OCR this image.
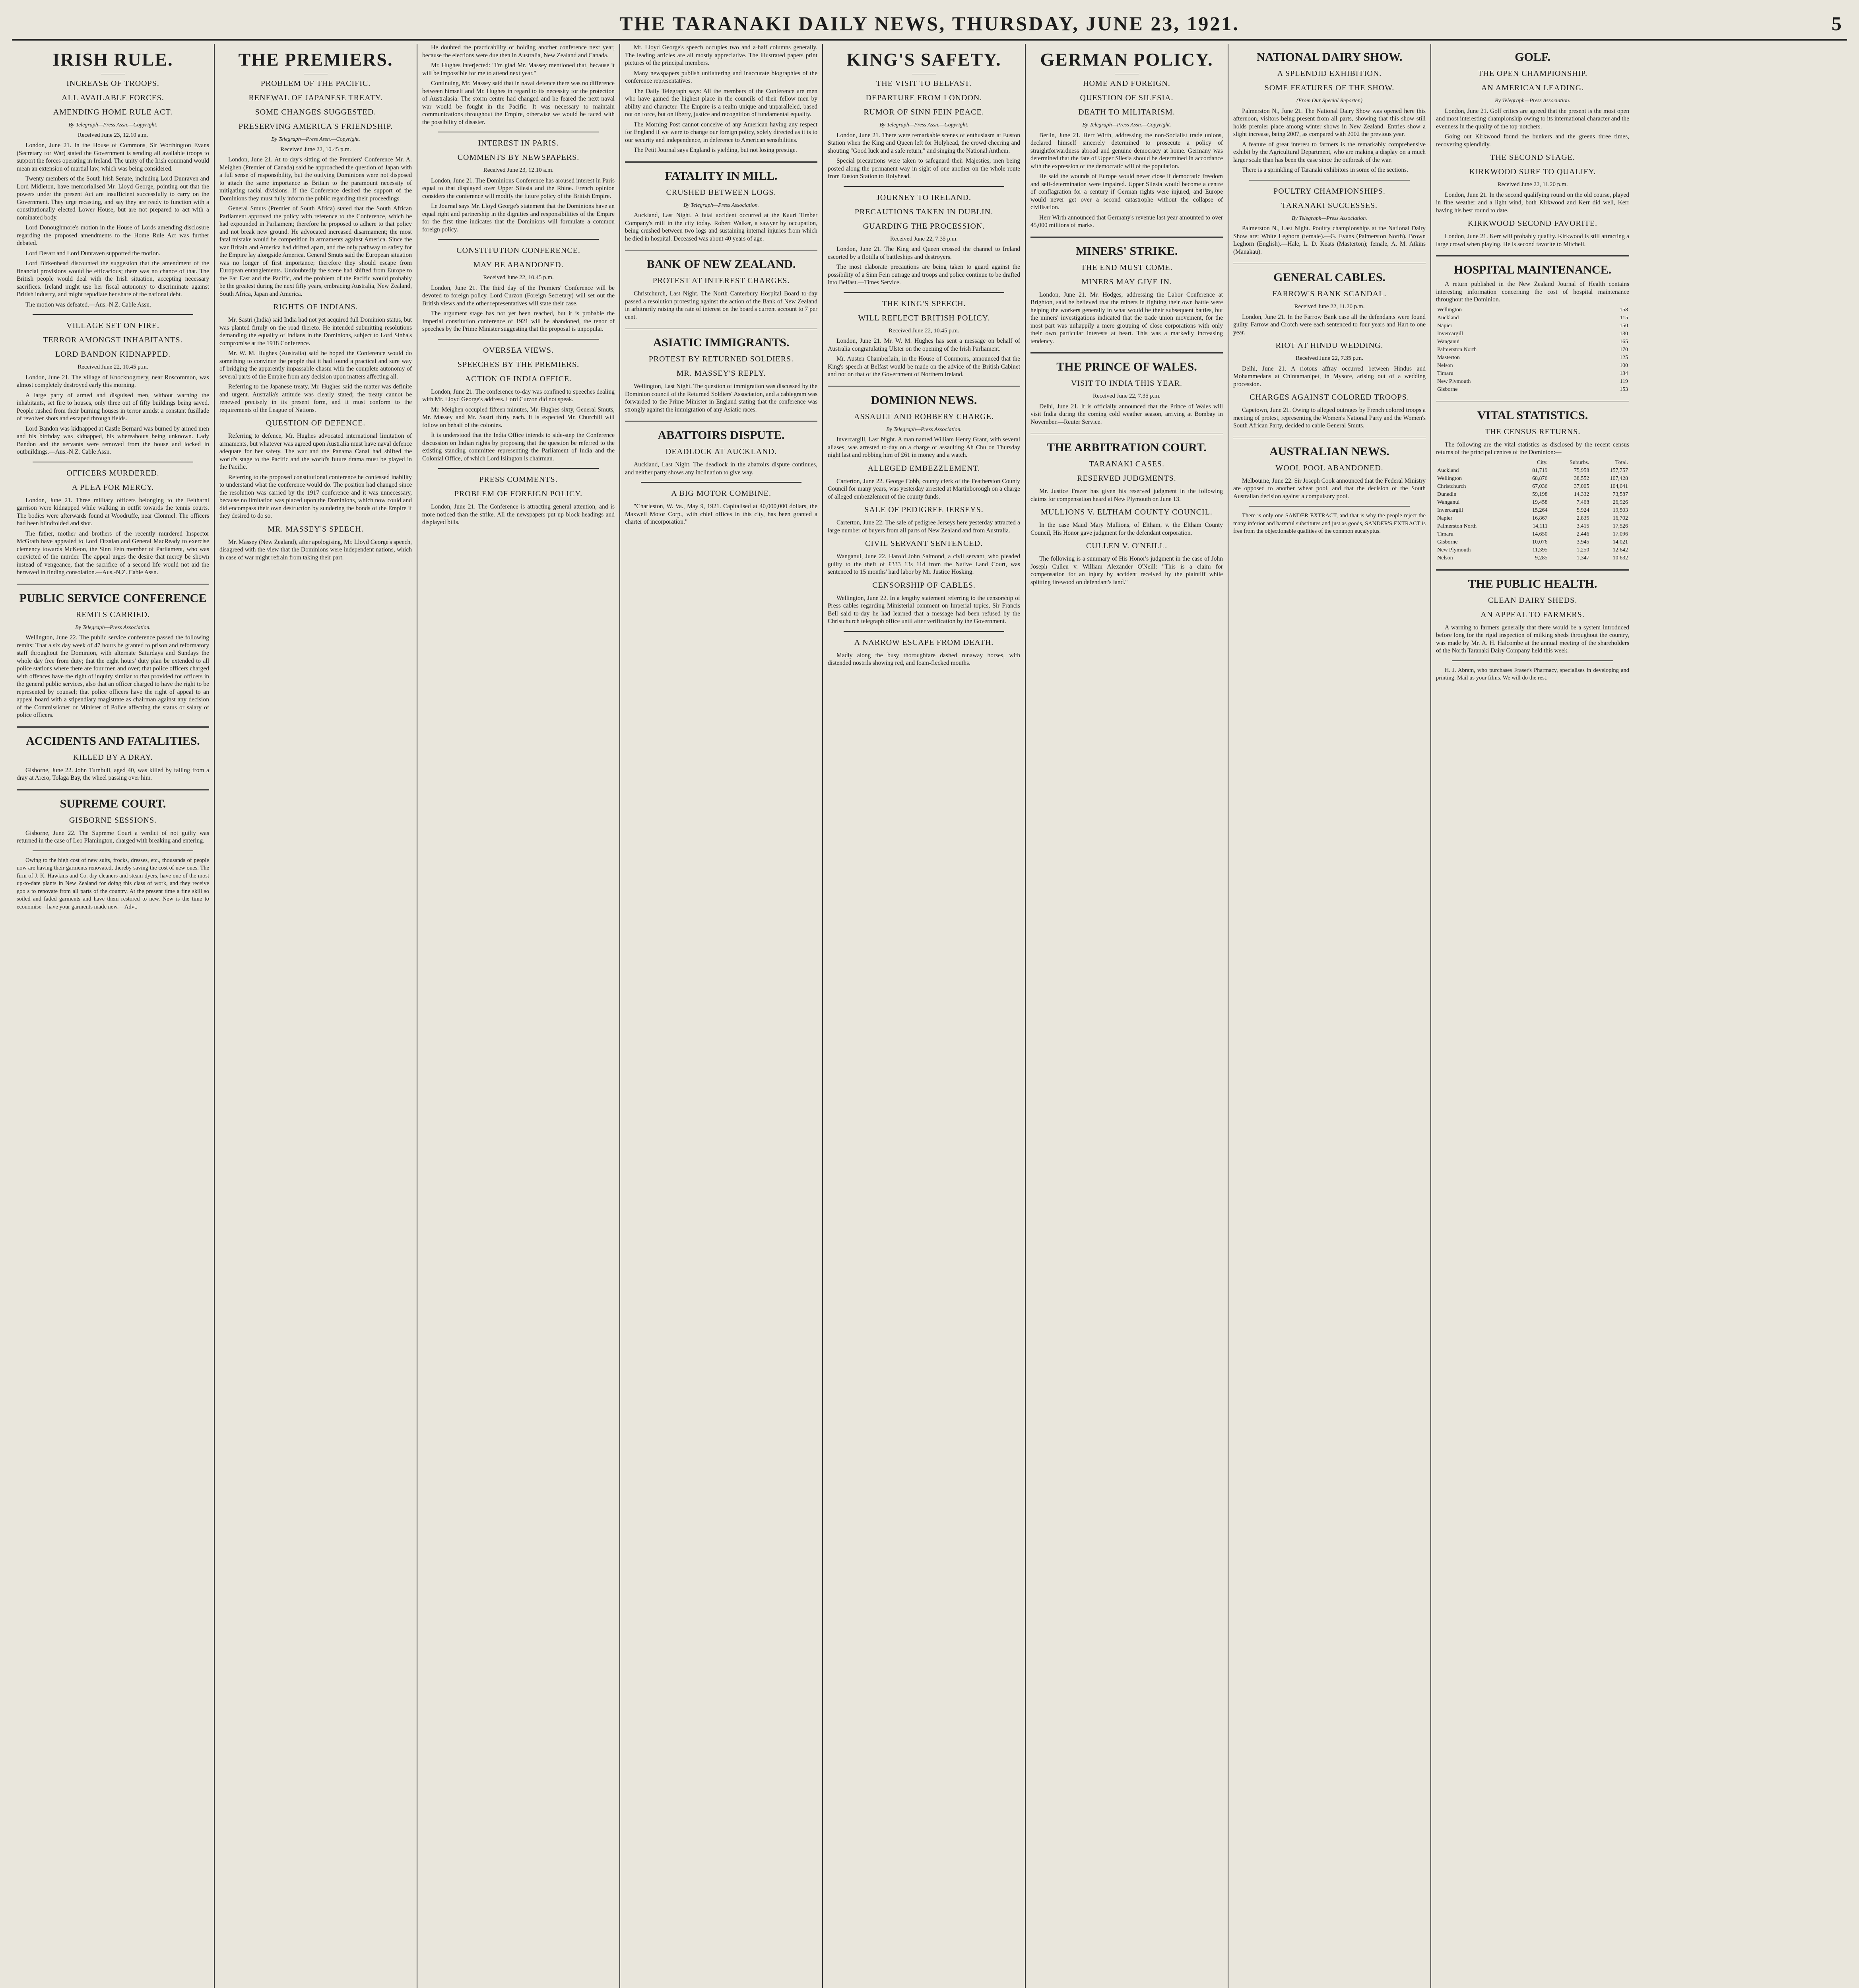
THE TARANAKI DAILY NEWS, THURSDAY, JUNE 23, 1921.	5
IRISH RULE.
INCREASE OF TROOPS.
ALL AVAILABLE FORCES.
AMENDING HOME RULE ACT.
By Telegraph—Press Assn.—Copyright.
Received June 23, 12.10 a.m.

London, June 21. In the House of Commons, Sir Worthington Evans (Secretary for War) stated the Government is sending all available troops to support the forces operating in Ireland. The unity of the Irish command would mean an extension of martial law, which was being considered.

Twenty members of the South Irish Senate, including Lord Dunraven and Lord Midleton, have memorialised Mr. Lloyd George, pointing out that the powers under the present Act are insufficient successfully to carry on the Government. They urge recasting, and say they are ready to function with a constitutionally elected Lower House, but are not prepared to act with a nominated body.

Lord Donoughmore's motion in the House of Lords amending disclosure regarding the proposed amendments to the Home Rule Act was further debated.

Lord Desart and Lord Dunraven supported the motion.

Lord Birkenhead discounted the suggestion that the amendment of the financial provisions would be efficacious; there was no chance of that. The British people would deal with the Irish situation, accepting necessary sacrifices. Ireland might use her fiscal autonomy to discriminate against British industry, and might repudiate her share of the national debt.

The motion was defeated.—Aus.-N.Z. Cable Assn.

VILLAGE SET ON FIRE.
TERROR AMONGST INHABITANTS.
LORD BANDON KIDNAPPED.
Received June 22, 10.45 p.m.

London, June 21. The village of Knocknogroery, near Roscommon, was almost completely destroyed early this morning.

A large party of armed and disguised men, without warning the inhabitants, set fire to houses, only three out of fifty buildings being saved. People rushed from their burning houses in terror amidst a constant fusillade of revolver shots and escaped through fields.

Lord Bandon was kidnapped at Castle Bernard was burned by armed men and his birthday was kidnapped, his whereabouts being unknown. Lady Bandon and the servants were removed from the house and locked in outbuildings.—Aus.-N.Z. Cable Assn.

OFFICERS MURDERED.
A PLEA FOR MERCY.

London, June 21. Three military officers belonging to the Feltharnl garrison were kidnapped while walking in outfit towards the tennis courts. The bodies were afterwards found at Woodruffe, near Clonmel. The officers had been blindfolded and shot.

The father, mother and brothers of the recently murdered Inspector McGrath have appealed to Lord Fitzalan and General MacReady to exercise clemency towards McKeon, the Sinn Fein member of Parliament, who was convicted of the murder. The appeal urges the desire that mercy be shown instead of vengeance, that the sacrifice of a second life would not aid the bereaved in finding consolation.—Aus.-N.Z. Cable Assn.

PUBLIC SERVICE CONFERENCE
REMITS CARRIED.
By Telegraph—Press Association.

Wellington, June 22. The public service conference passed the following remits: That a six day week of 47 hours be granted to prison and reformatory staff throughout the Dominion, with alternate Saturdays and Sundays the whole day free from duty; that the eight hours' duty plan be extended to all police stations where there are four men and over; that police officers charged with offences have the right of inquiry similar to that provided for officers in the general public services, also that an officer charged to have the right to be represented by counsel; that police officers have the right of appeal to an appeal board with a stipendiary magistrate as chairman against any decision of the Commissioner or Minister of Police affecting the status or salary of police officers.

ACCIDENTS AND FATALITIES.
KILLED BY A DRAY.

Gisborne, June 22. John Turnbull, aged 40, was killed by falling from a dray at Arero, Tolaga Bay, the wheel passing over him.

SUPREME COURT.
GISBORNE SESSIONS.

Gisborne, June 22. The Supreme Court a verdict of not guilty was returned in the case of Leo Plamington, charged with breaking and entering.

Owing to the high cost of new suits, frocks, dresses, etc., thousands of people now are having their garments renovated, thereby saving the cost of new ones. The firm of J. K. Hawkins and Co. dry cleaners and steam dyers, have one of the most up-to-date plants in New Zealand for doing this class of work, and they receive goo s to renovate from all parts of the country. At the present time a fine skill so soiled and faded garments and have them restored to new. New is the time to economise—have your garments made new.—Advt.

THE PREMIERS.
PROBLEM OF THE PACIFIC.
RENEWAL OF JAPANESE TREATY.
SOME CHANGES SUGGESTED.
PRESERVING AMERICA'S FRIENDSHIP.
By Telegraph—Press Assn.—Copyright.
Received June 22, 10.45 p.m.

London, June 21. At to-day's sitting of the Premiers' Conference Mr. A. Meighen (Premier of Canada) said he approached the question of Japan with a full sense of responsibility, but the outlying Dominions were not disposed to attach the same importance as Britain to the paramount necessity of mitigating racial divisions. If the Conference desired the support of the Dominions they must fully inform the public regarding their proceedings.

General Smuts (Premier of South Africa) stated that the South African Parliament approved the policy with reference to the Conference, which he had expounded in Parliament; therefore he proposed to adhere to that policy and not break new ground. He advocated increased disarmament; the most fatal mistake would be competition in armaments against America. Since the war Britain and America had drifted apart, and the only pathway to safety for the Empire lay alongside America. General Smuts said the European situation was no longer of first importance; therefore they should escape from European entanglements. Undoubtedly the scene had shifted from Europe to the Far East and the Pacific, and the problem of the Pacific would probably be the greatest during the next fifty years, embracing Australia, New Zealand, South Africa, Japan and America.

RIGHTS OF INDIANS.

Mr. Sastri (India) said India had not yet acquired full Dominion status, but was planted firmly on the road thereto. He intended submitting resolutions demanding the equality of Indians in the Dominions, subject to Lord Sinha's compromise at the 1918 Conference.

Mr. W. M. Hughes (Australia) said he hoped the Conference would do something to convince the people that it had found a practical and sure way of bridging the apparently impassable chasm with the complete autonomy of several parts of the Empire from any decision upon matters affecting all.

Referring to the Japanese treaty, Mr. Hughes said the matter was definite and urgent. Australia's attitude was clearly stated; the treaty cannot be renewed precisely in its present form, and it must conform to the requirements of the League of Nations.

QUESTION OF DEFENCE.

Referring to defence, Mr. Hughes advocated international limitation of armaments, but whatever was agreed upon Australia must have naval defence adequate for her safety. The war and the Panama Canal had shifted the world's stage to the Pacific and the world's future drama must be played in the Pacific.

Referring to the proposed constitutional conference he confessed inability to understand what the conference would do. The position had changed since the resolution was carried by the 1917 conference and it was unnecessary, because no limitation was placed upon the Dominions, which now could and did encompass their own destruction by sundering the bonds of the Empire if they desired to do so.

MR. MASSEY'S SPEECH.

Mr. Massey (New Zealand), after apologising, Mr. Lloyd George's speech, disagreed with the view that the Dominions were independent nations, which in case of war might refrain from taking their part.

He doubted the practicability of holding another conference next year, because the elections were due then in Australia, New Zealand and Canada.

Mr. Hughes interjected: "I'm glad Mr. Massey mentioned that, because it will be impossible for me to attend next year."

Continuing, Mr. Massey said that in naval defence there was no difference between himself and Mr. Hughes in regard to its necessity for the protection of Australasia. The storm centre had changed and he feared the next naval war would be fought in the Pacific. It was necessary to maintain communications throughout the Empire, otherwise we would be faced with the possibility of disaster.

INTEREST IN PARIS.
COMMENTS BY NEWSPAPERS.
Received June 23, 12.10 a.m.

London, June 21. The Dominions Conference has aroused interest in Paris equal to that displayed over Upper Silesia and the Rhine. French opinion considers the conference will modify the future policy of the British Empire.

Le Journal says Mr. Lloyd George's statement that the Dominions have an equal right and partnership in the dignities and responsibilities of the Empire for the first time indicates that the Dominions will formulate a common foreign policy.

CONSTITUTION CONFERENCE.
MAY BE ABANDONED.
Received June 22, 10.45 p.m.

London, June 21. The third day of the Premiers' Conference will be devoted to foreign policy. Lord Curzon (Foreign Secretary) will set out the British views and the other representatives will state their case.

The argument stage has not yet been reached, but it is probable the Imperial constitution conference of 1921 will be abandoned, the tenor of speeches by the Prime Minister suggesting that the proposal is unpopular.

OVERSEA VIEWS.
SPEECHES BY THE PREMIERS.
ACTION OF INDIA OFFICE.

London, June 21. The conference to-day was confined to speeches dealing with Mr. Lloyd George's address. Lord Curzon did not speak.

Mr. Meighen occupied fifteen minutes, Mr. Hughes sixty, General Smuts, Mr. Massey and Mr. Sastri thirty each. It is expected Mr. Churchill will follow on behalf of the colonies.

It is understood that the India Office intends to side-step the Conference discussion on Indian rights by proposing that the question be referred to the existing standing committee representing the Parliament of India and the Colonial Office, of which Lord Islington is chairman.

PRESS COMMENTS.
PROBLEM OF FOREIGN POLICY.

London, June 21. The Conference is attracting general attention, and is more noticed than the strike. All the newspapers put up block-headings and displayed bills.

Mr. Lloyd George's speech occupies two and a-half columns generally. The leading articles are all mostly appreciative. The illustrated papers print pictures of the principal members.

Many newspapers publish unflattering and inaccurate biographies of the conference representatives.

The Daily Telegraph says: All the members of the Conference are men who have gained the highest place in the councils of their fellow men by ability and character. The Empire is a realm unique and unparalleled, based not on force, but on liberty, justice and recognition of fundamental equality.

The Morning Post cannot conceive of any American having any respect for England if we were to change our foreign policy, solely directed as it is to our security and independence, in deference to American sensibilities.

The Petit Journal says England is yielding, but not losing prestige.

FATALITY IN MILL.
CRUSHED BETWEEN LOGS.
By Telegraph—Press Association.

Auckland, Last Night. A fatal accident occurred at the Kauri Timber Company's mill in the city today. Robert Walker, a sawyer by occupation, being crushed between two logs and sustaining internal injuries from which he died in hospital. Deceased was about 40 years of age.

BANK OF NEW ZEALAND.
PROTEST AT INTEREST CHARGES.

Christchurch, Last Night. The North Canterbury Hospital Board to-day passed a resolution protesting against the action of the Bank of New Zealand in arbitrarily raising the rate of interest on the board's current account to 7 per cent.

ASIATIC IMMIGRANTS.
PROTEST BY RETURNED SOLDIERS.
MR. MASSEY'S REPLY.

Wellington, Last Night. The question of immigration was discussed by the Dominion council of the Returned Soldiers' Association, and a cablegram was forwarded to the Prime Minister in England stating that the conference was strongly against the immigration of any Asiatic races.

ABATTOIRS DISPUTE.
DEADLOCK AT AUCKLAND.

Auckland, Last Night. The deadlock in the abattoirs dispute continues, and neither party shows any inclination to give way.

A BIG MOTOR COMBINE.

"Charleston, W. Va., May 9, 1921. Capitalised at 40,000,000 dollars, the Maxwell Motor Corp., with chief offices in this city, has been granted a charter of incorporation."

KING'S SAFETY.
THE VISIT TO BELFAST.
DEPARTURE FROM LONDON.
RUMOR OF SINN FEIN PEACE.
By Telegraph—Press Assn.—Copyright.

London, June 21. There were remarkable scenes of enthusiasm at Euston Station when the King and Queen left for Holyhead, the crowd cheering and shouting "Good luck and a safe return," and singing the National Anthem.

Special precautions were taken to safeguard their Majesties, men being posted along the permanent way in sight of one another on the whole route from Euston Station to Holyhead.

JOURNEY TO IRELAND.
PRECAUTIONS TAKEN IN DUBLIN.
GUARDING THE PROCESSION.
Received June 22, 7.35 p.m.

London, June 21. The King and Queen crossed the channel to Ireland escorted by a flotilla of battleships and destroyers.

The most elaborate precautions are being taken to guard against the possibility of a Sinn Fein outrage and troops and police continue to be drafted into Belfast.—Times Service.

THE KING'S SPEECH.
WILL REFLECT BRITISH POLICY.
Received June 22, 10.45 p.m.

London, June 21. Mr. W. M. Hughes has sent a message on behalf of Australia congratulating Ulster on the opening of the Irish Parliament.

Mr. Austen Chamberlain, in the House of Commons, announced that the King's speech at Belfast would be made on the advice of the British Cabinet and not on that of the Government of Northern Ireland.

DOMINION NEWS.
ASSAULT AND ROBBERY CHARGE.
By Telegraph—Press Association.

Invercargill, Last Night. A man named William Henry Grant, with several aliases, was arrested to-day on a charge of assaulting Ah Chu on Thursday night last and robbing him of £61 in money and a watch.

ALLEGED EMBEZZLEMENT.

Carterton, June 22. George Cobb, county clerk of the Featherston County Council for many years, was yesterday arrested at Martinborough on a charge of alleged embezzlement of the county funds.

SALE OF PEDIGREE JERSEYS.

Carterton, June 22. The sale of pedigree Jerseys here yesterday attracted a large number of buyers from all parts of New Zealand and from Australia.

CIVIL SERVANT SENTENCED.

Wanganui, June 22. Harold John Salmond, a civil servant, who pleaded guilty to the theft of £333 13s 11d from the Native Land Court, was sentenced to 15 months' hard labor by Mr. Justice Hosking.

CENSORSHIP OF CABLES.

Wellington, June 22. In a lengthy statement referring to the censorship of Press cables regarding Ministerial comment on Imperial topics, Sir Francis Bell said to-day he had learned that a message had been refused by the Christchurch telegraph office until after verification by the Government.

A NARROW ESCAPE FROM DEATH.

Madly along the busy thoroughfare dashed runaway horses, with distended nostrils showing red, and foam-flecked mouths.

GERMAN POLICY.
HOME AND FOREIGN.
QUESTION OF SILESIA.
DEATH TO MILITARISM.
By Telegraph—Press Assn.—Copyright.

Berlin, June 21. Herr Wirth, addressing the non-Socialist trade unions, declared himself sincerely determined to prosecute a policy of straightforwardness abroad and genuine democracy at home. Germany was determined that the fate of Upper Silesia should be determined in accordance with the expression of the democratic will of the population.

He said the wounds of Europe would never close if democratic freedom and self-determination were impaired. Upper Silesia would become a centre of conflagration for a century if German rights were injured, and Europe would never get over a second catastrophe without the collapse of civilisation.

Herr Wirth announced that Germany's revenue last year amounted to over 45,000 millions of marks.

MINERS' STRIKE.
THE END MUST COME.
MINERS MAY GIVE IN.

London, June 21. Mr. Hodges, addressing the Labor Conference at Brighton, said he believed that the miners in fighting their own battle were helping the workers generally in what would be their subsequent battles, but the miners' investigations indicated that the trade union movement, for the most part was unhappily a mere grouping of close corporations with only their own particular interests at heart. This was a markedly increasing tendency.

THE PRINCE OF WALES.
VISIT TO INDIA THIS YEAR.
Received June 22, 7.35 p.m.

Delhi, June 21. It is officially announced that the Prince of Wales will visit India during the coming cold weather season, arriving at Bombay in November.—Reuter Service.

THE ARBITRATION COURT.
TARANAKI CASES.
RESERVED JUDGMENTS.

Mr. Justice Frazer has given his reserved judgment in the following claims for compensation heard at New Plymouth on June 13.

MULLIONS V. ELTHAM COUNTY COUNCIL.

In the case Maud Mary Mullions, of Eltham, v. the Eltham County Council, His Honor gave judgment for the defendant corporation.

CULLEN V. O'NEILL.

The following is a summary of His Honor's judgment in the case of John Joseph Cullen v. William Alexander O'Neill: "This is a claim for compensation for an injury by accident received by the plaintiff while splitting firewood on defendant's land."

NATIONAL DAIRY SHOW.
A SPLENDID EXHIBITION.
SOME FEATURES OF THE SHOW.
(From Our Special Reporter.)

Palmerston N., June 21. The National Dairy Show was opened here this afternoon, visitors being present from all parts, showing that this show still holds premier place among winter shows in New Zealand. Entries show a slight increase, being 2007, as compared with 2002 the previous year.

A feature of great interest to farmers is the remarkably comprehensive exhibit by the Agricultural Department, who are making a display on a much larger scale than has been the case since the outbreak of the war.

There is a sprinkling of Taranaki exhibitors in some of the sections.

POULTRY CHAMPIONSHIPS.
TARANAKI SUCCESSES.
By Telegraph—Press Association.

Palmerston N., Last Night. Poultry championships at the National Dairy Show are: White Leghorn (female).—G. Evans (Palmerston North). Brown Leghorn (English).—Hale, L. D. Keats (Masterton); female, A. M. Atkins (Manakau).

GENERAL CABLES.
FARROW'S BANK SCANDAL.
Received June 22, 11.20 p.m.

London, June 21. In the Farrow Bank case all the defendants were found guilty. Farrow and Crotch were each sentenced to four years and Hart to one year.

RIOT AT HINDU WEDDING.
Received June 22, 7.35 p.m.

Delhi, June 21. A riotous affray occurred between Hindus and Mohammedans at Chintamanipet, in Mysore, arising out of a wedding procession.

CHARGES AGAINST COLORED TROOPS.

Capetown, June 21. Owing to alleged outrages by French colored troops a meeting of protest, representing the Women's National Party and the Women's South African Party, decided to cable General Smuts.

AUSTRALIAN NEWS.
WOOL POOL ABANDONED.

Melbourne, June 22. Sir Joseph Cook announced that the Federal Ministry are opposed to another wheat pool, and that the decision of the South Australian decision against a compulsory pool.

There is only one SANDER EXTRACT, and that is why the people reject the many inferior and harmful substitutes and just as goods, SANDER'S EXTRACT is free from the objectionable qualities of the common eucalyptus.

GOLF.
THE OPEN CHAMPIONSHIP.
AN AMERICAN LEADING.
By Telegraph—Press Association.

London, June 21. Golf critics are agreed that the present is the most open and most interesting championship owing to its international character and the evenness in the quality of the top-notchers.

Going out Kirkwood found the bunkers and the greens three times, recovering splendidly.

THE SECOND STAGE.
KIRKWOOD SURE TO QUALIFY.
Received June 22, 11.20 p.m.

London, June 21. In the second qualifying round on the old course, played in fine weather and a light wind, both Kirkwood and Kerr did well, Kerr having his best round to date.

KIRKWOOD SECOND FAVORITE.

London, June 21. Kerr will probably qualify. Kirkwood is still attracting a large crowd when playing. He is second favorite to Mitchell.

HOSPITAL MAINTENANCE.

A return published in the New Zealand Journal of Health contains interesting information concerning the cost of hospital maintenance throughout the Dominion.

Wellington	158
Auckland	115
Napier	150
Invercargill	130
Wanganui	165
Palmerston North	170
Masterton	125
Nelson	100
Timaru	134
New Plymouth	119
Gisborne	153
VITAL STATISTICS.
THE CENSUS RETURNS.

The following are the vital statistics as disclosed by the recent census returns of the principal centres of the Dominion:—

	City.	Suburbs.	Total.
Auckland	81,719	75,958	157,757
Wellington	68,876	38,552	107,428
Christchurch	67,036	37,005	104,041
Dunedin	59,198	14,332	73,587
Wanganui	19,458	7,468	26,926
Invercargill	15,264	5,924	19,503
Napier	16,867	2,835	16,702
Palmerston North	14,111	3,415	17,526
Timaru	14,650	2,446	17,096
Gisborne	10,076	3,945	14,021
New Plymouth	11,395	1,250	12,642
Nelson	9,285	1,347	10,632
THE PUBLIC HEALTH.
CLEAN DAIRY SHEDS.
AN APPEAL TO FARMERS.

A warning to farmers generally that there would be a system introduced before long for the rigid inspection of milking sheds throughout the country, was made by Mr. A. H. Halcombe at the annual meeting of the shareholders of the North Taranaki Dairy Company held this week.

H. J. Abram, who purchases Fraser's Pharmacy, specialises in developing and printing. Mail us your films. We will do the rest.
